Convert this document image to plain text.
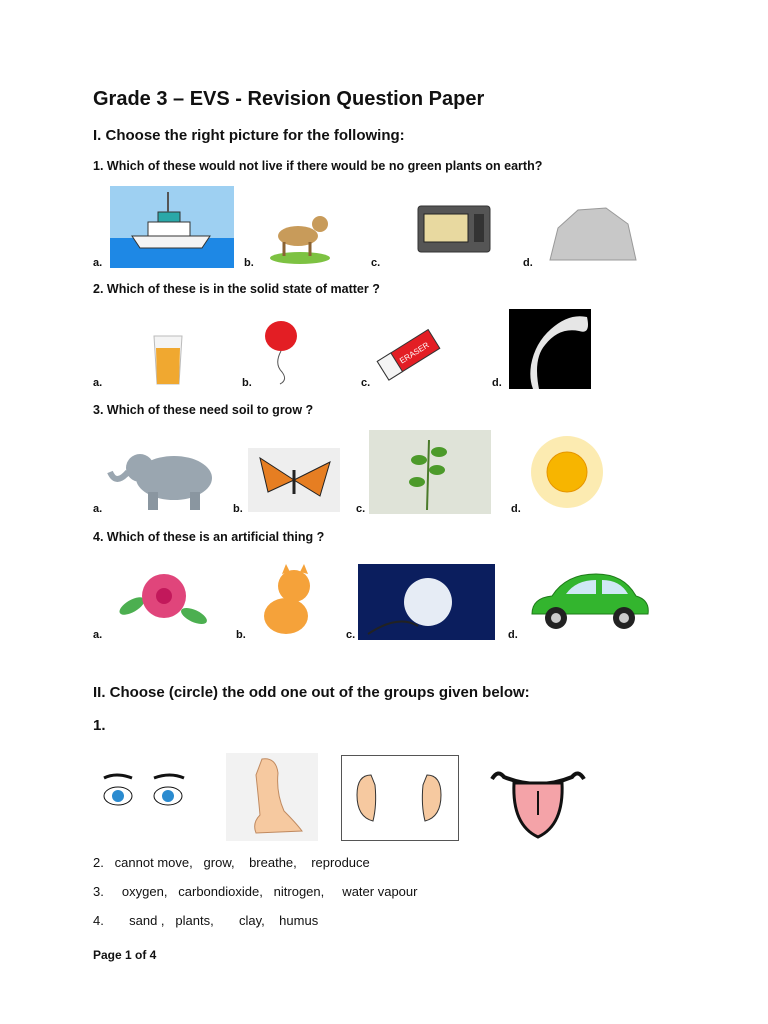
Grade 3 – EVS - Revision Question Paper
I. Choose the right picture for the following:
1. Which of these would not live if there would be no green plants on earth?
a.	b.	c.	d.
2. Which of these is in the solid state of matter ?
ERASER
a.	b.	c.	d.
3. Which of these need soil to grow ?
a.	b.	c.	d.
4. Which of these is an artificial thing ?
a.	b.	c.	d.
II. Choose (circle) the odd one out of the groups given below:
1.
2.   cannot move,   grow,    breathe,    reproduce
3.     oxygen,   carbondioxide,   nitrogen,     water vapour
4.       sand ,   plants,       clay,    humus
Page 1 of 4
